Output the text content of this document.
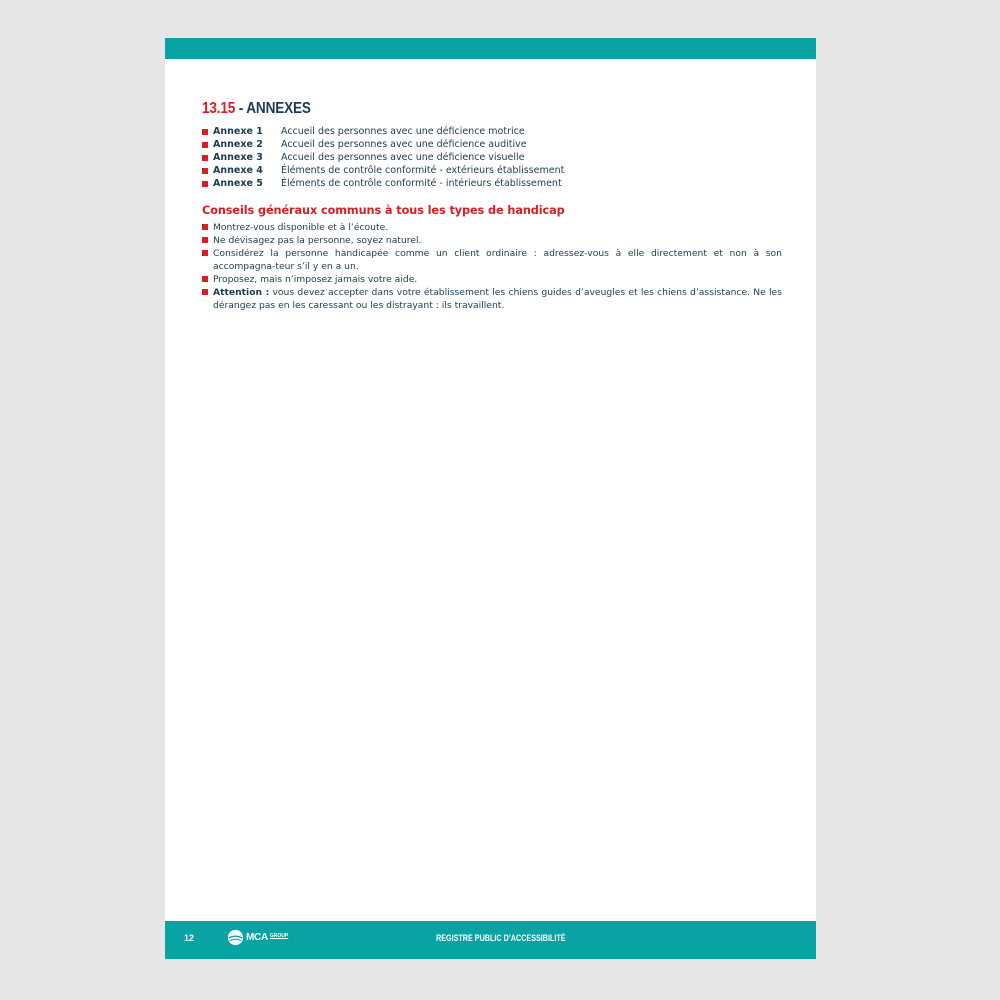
13.15 - ANNEXES
Annexe 1	Accueil des personnes avec une déficience motrice
Annexe 2	Accueil des personnes avec une déficience auditive
Annexe 3	Accueil des personnes avec une déficience visuelle
Annexe 4	Éléments de contrôle conformité - extérieurs établissement
Annexe 5	Éléments de contrôle conformité - intérieurs établissement
Conseils généraux communs à tous les types de handicap
Montrez-vous disponible et à l’écoute.
Ne dévisagez pas la personne, soyez naturel.
Considérez la personne handicapée comme un client ordinaire : adressez-vous à elle directement et non à son accompagna-teur s’il y en a un.
Proposez, mais n’imposez jamais votre aide.
Attention : vous devez accepter dans votre établissement les chiens guides d’aveugles et les chiens d’assistance. Ne les dérangez pas en les caressant ou les distrayant : ils travaillent.
12	MCA GROUP	REGISTRE PUBLIC D’ACCESSIBILITÉ
